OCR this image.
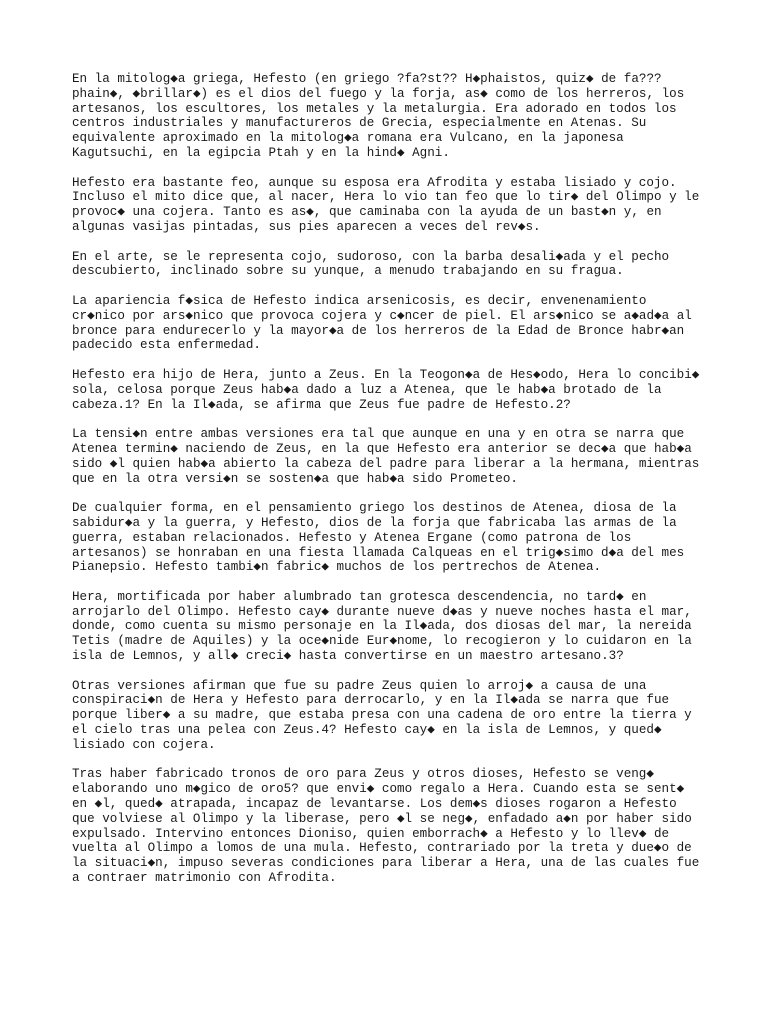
En la mitolog◆a griega, Hefesto (en griego ?fa?st?? H◆phaistos, quiz◆ de fa???
phain◆, ◆brillar◆) es el dios del fuego y la forja, as◆ como de los herreros, los
artesanos, los escultores, los metales y la metalurgia. Era adorado en todos los
centros industriales y manufactureros de Grecia, especialmente en Atenas. Su
equivalente aproximado en la mitolog◆a romana era Vulcano, en la japonesa
Kagutsuchi, en la egipcia Ptah y en la hind◆ Agni.

Hefesto era bastante feo, aunque su esposa era Afrodita y estaba lisiado y cojo.
Incluso el mito dice que, al nacer, Hera lo vio tan feo que lo tir◆ del Olimpo y le
provoc◆ una cojera. Tanto es as◆, que caminaba con la ayuda de un bast◆n y, en
algunas vasijas pintadas, sus pies aparecen a veces del rev◆s.

En el arte, se le representa cojo, sudoroso, con la barba desali◆ada y el pecho
descubierto, inclinado sobre su yunque, a menudo trabajando en su fragua.

La apariencia f◆sica de Hefesto indica arsenicosis, es decir, envenenamiento
cr◆nico por ars◆nico que provoca cojera y c◆ncer de piel. El ars◆nico se a◆ad◆a al
bronce para endurecerlo y la mayor◆a de los herreros de la Edad de Bronce habr◆an
padecido esta enfermedad.

Hefesto era hijo de Hera, junto a Zeus. En la Teogon◆a de Hes◆odo, Hera lo concibi◆
sola, celosa porque Zeus hab◆a dado a luz a Atenea, que le hab◆a brotado de la
cabeza.1? En la Il◆ada, se afirma que Zeus fue padre de Hefesto.2?

La tensi◆n entre ambas versiones era tal que aunque en una y en otra se narra que
Atenea termin◆ naciendo de Zeus, en la que Hefesto era anterior se dec◆a que hab◆a
sido ◆l quien hab◆a abierto la cabeza del padre para liberar a la hermana, mientras
que en la otra versi◆n se sosten◆a que hab◆a sido Prometeo.

De cualquier forma, en el pensamiento griego los destinos de Atenea, diosa de la
sabidur◆a y la guerra, y Hefesto, dios de la forja que fabricaba las armas de la
guerra, estaban relacionados. Hefesto y Atenea Ergane (como patrona de los
artesanos) se honraban en una fiesta llamada Calqueas en el trig◆simo d◆a del mes
Pianepsio. Hefesto tambi◆n fabric◆ muchos de los pertrechos de Atenea.

Hera, mortificada por haber alumbrado tan grotesca descendencia, no tard◆ en
arrojarlo del Olimpo. Hefesto cay◆ durante nueve d◆as y nueve noches hasta el mar,
donde, como cuenta su mismo personaje en la Il◆ada, dos diosas del mar, la nereida
Tetis (madre de Aquiles) y la oce◆nide Eur◆nome, lo recogieron y lo cuidaron en la
isla de Lemnos, y all◆ creci◆ hasta convertirse en un maestro artesano.3?

Otras versiones afirman que fue su padre Zeus quien lo arroj◆ a causa de una
conspiraci◆n de Hera y Hefesto para derrocarlo, y en la Il◆ada se narra que fue
porque liber◆ a su madre, que estaba presa con una cadena de oro entre la tierra y
el cielo tras una pelea con Zeus.4? Hefesto cay◆ en la isla de Lemnos, y qued◆
lisiado con cojera.

Tras haber fabricado tronos de oro para Zeus y otros dioses, Hefesto se veng◆
elaborando uno m◆gico de oro5? que envi◆ como regalo a Hera. Cuando esta se sent◆
en ◆l, qued◆ atrapada, incapaz de levantarse. Los dem◆s dioses rogaron a Hefesto
que volviese al Olimpo y la liberase, pero ◆l se neg◆, enfadado a◆n por haber sido
expulsado. Intervino entonces Dioniso, quien emborrach◆ a Hefesto y lo llev◆ de
vuelta al Olimpo a lomos de una mula. Hefesto, contrariado por la treta y due◆o de
la situaci◆n, impuso severas condiciones para liberar a Hera, una de las cuales fue
a contraer matrimonio con Afrodita.
